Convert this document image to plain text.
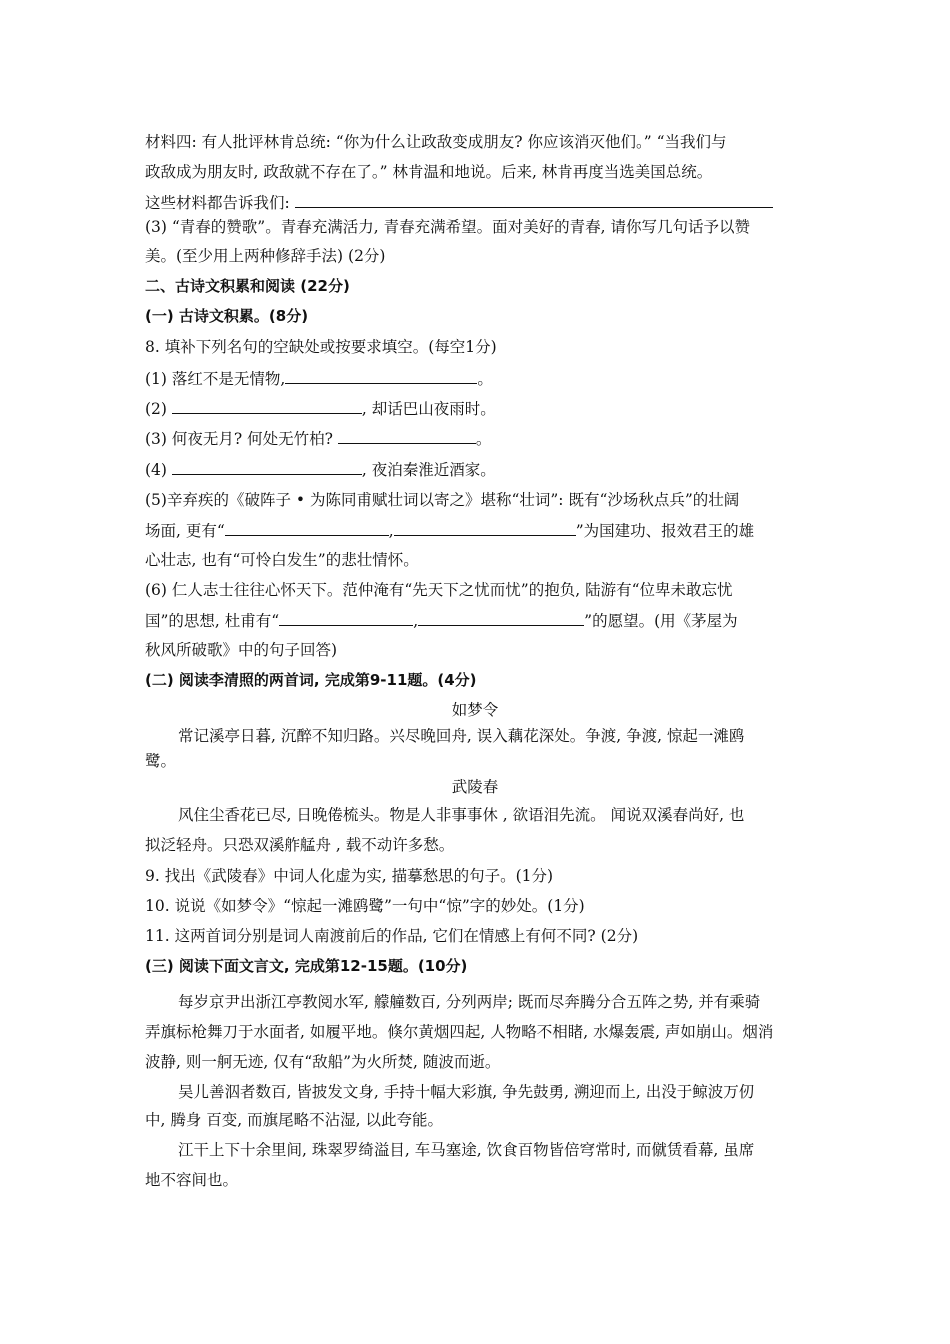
材料四: 有人批评林肯总统: “你为什么让政敌变成朋友? 你应该消灭他们。” “当我们与
政敌成为朋友时, 政敌就不存在了。” 林肯温和地说。后来, 林肯再度当选美国总统。
这些材料都告诉我们:
(3) “青春的赞歌”。青春充满活力, 青春充满希望。面对美好的青春, 请你写几句话予以赞
美。(至少用上两种修辞手法) (2分)
二、古诗文积累和阅读 (22分)
(一) 古诗文积累。(8分)
8. 填补下列名句的空缺处或按要求填空。(每空1分)
(1) 落红不是无情物,	。
(2)	, 却话巴山夜雨时。
(3) 何夜无月? 何处无竹柏?	。
(4)	, 夜泊秦淮近酒家。
(5)辛弃疾的《破阵子 • 为陈同甫赋壮词以寄之》堪称“壮词”: 既有“沙场秋点兵”的壮阔
场面, 更有“	,	”为国建功、报效君王的雄
心壮志, 也有“可怜白发生”的悲壮情怀。
(6) 仁人志士往往心怀天下。范仲淹有“先天下之忧而忧”的抱负, 陆游有“位卑未敢忘忧
国”的思想, 杜甫有“	,	”的愿望。(用《茅屋为
秋风所破歌》中的句子回答)
(二) 阅读李清照的两首词, 完成第9-11题。(4分)
如梦令
常记溪亭日暮, 沉醉不知归路。兴尽晚回舟, 误入藕花深处。争渡, 争渡, 惊起一滩鸥
鹭。
武陵春
风住尘香花已尽, 日晚倦梳头。物是人非事事休 , 欲语泪先流。 闻说双溪春尚好, 也
拟泛轻舟。只恐双溪舴艋舟 , 载不动许多愁。
9. 找出《武陵春》中词人化虚为实, 描摹愁思的句子。(1分)
10. 说说《如梦令》“惊起一滩鸥鹭”一句中“惊”字的妙处。(1分)
11. 这两首词分别是词人南渡前后的作品, 它们在情感上有何不同? (2分)
(三) 阅读下面文言文, 完成第12-15题。(10分)
每岁京尹出浙江亭教阅水军, 艨艟数百, 分列两岸; 既而尽奔腾分合五阵之势, 并有乘骑
弄旗标枪舞刀于水面者, 如履平地。倏尔黄烟四起, 人物略不相睹, 水爆轰震, 声如崩山。烟消
波静, 则一舸无迹, 仅有“敌船”为火所焚, 随波而逝。
吴儿善泅者数百, 皆披发文身, 手持十幅大彩旗, 争先鼓勇, 溯迎而上, 出没于鲸波万仞
中, 腾身 百变, 而旗尾略不沾湿, 以此夸能。
江干上下十余里间, 珠翠罗绮溢目, 车马塞途, 饮食百物皆倍穹常时, 而僦赁看幕, 虽席
地不容间也。
